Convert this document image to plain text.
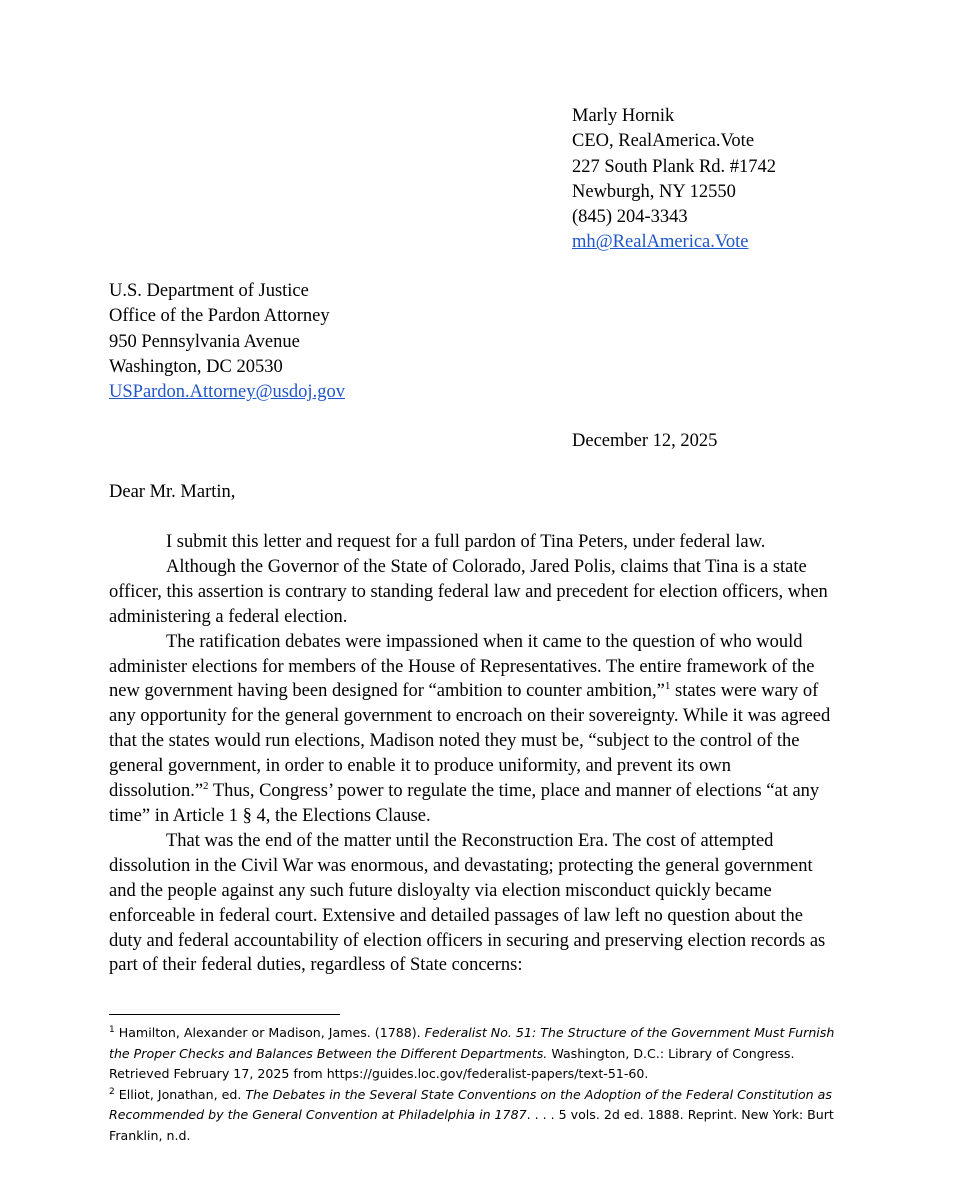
Marly Hornik
CEO, RealAmerica.Vote
227 South Plank Rd. #1742
Newburgh, NY 12550
(845) 204-3343
mh@RealAmerica.Vote
U.S. Department of Justice
Office of the Pardon Attorney
950 Pennsylvania Avenue
Washington, DC 20530
USPardon.Attorney@usdoj.gov
December 12, 2025
Dear Mr. Martin,

I submit this letter and request for a full pardon of Tina Peters, under federal law.

Although the Governor of the State of Colorado, Jared Polis, claims that Tina is a state
officer, this assertion is contrary to standing federal law and precedent for election officers, when
administering a federal election.

The ratification debates were impassioned when it came to the question of who would
administer elections for members of the House of Representatives. The entire framework of the
new government having been designed for “ambition to counter ambition,”$^1$ states were wary of
any opportunity for the general government to encroach on their sovereignty. While it was agreed
that the states would run elections, Madison noted they must be, “subject to the control of the
general government, in order to enable it to produce uniformity, and prevent its own
dissolution.”$^2$ Thus, Congress’ power to regulate the time, place and manner of elections “at any
time” in Article 1 § 4, the Elections Clause.

That was the end of the matter until the Reconstruction Era. The cost of attempted
dissolution in the Civil War was enormous, and devastating; protecting the general government
and the people against any such future disloyalty via election misconduct quickly became
enforceable in federal court. Extensive and detailed passages of law left no question about the
duty and federal accountability of election officers in securing and preserving election records as
part of their federal duties, regardless of State concerns:

$^1$ Hamilton, Alexander or Madison, James. (1788). Federalist No. 51: The Structure of the Government Must Furnish
the Proper Checks and Balances Between the Different Departments. Washington, D.C.: Library of Congress.
Retrieved February 17, 2025 from https://guides.loc.gov/federalist-papers/text-51-60.
$^2$ Elliot, Jonathan, ed. The Debates in the Several State Conventions on the Adoption of the Federal Constitution as
Recommended by the General Convention at Philadelphia in 1787. . . . 5 vols. 2d ed. 1888. Reprint. New York: Burt
Franklin, n.d.
